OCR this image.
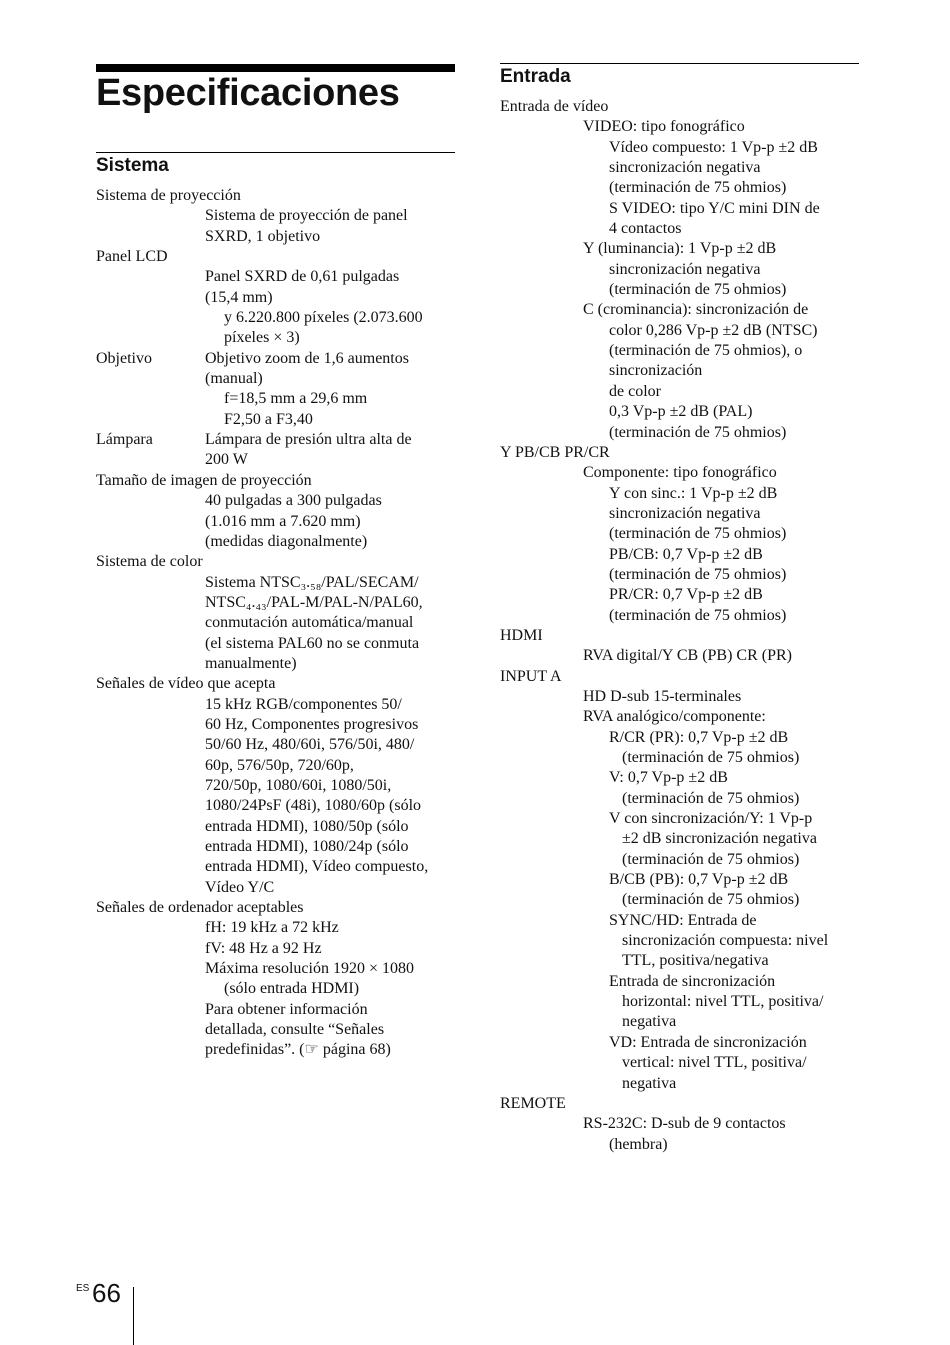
Especificaciones
Sistema
Sistema de proyección
Sistema de proyección de panel
SXRD, 1 objetivo
Panel LCD
Panel SXRD de 0,61 pulgadas
(15,4 mm)
y 6.220.800 píxeles (2.073.600
píxeles × 3)
Objetivo	Objetivo zoom de 1,6 aumentos
(manual)
f=18,5 mm a 29,6 mm
F2,50 a F3,40
Lámpara	Lámpara de presión ultra alta de
200 W
Tamaño de imagen de proyección
40 pulgadas a 300 pulgadas
(1.016 mm a 7.620 mm)
(medidas diagonalmente)
Sistema de color
Sistema NTSC₃.₅₈/PAL/SECAM/
NTSC₄.₄₃/PAL-M/PAL-N/PAL60,
conmutación automática/manual
(el sistema PAL60 no se conmuta
manualmente)
Señales de vídeo que acepta
15 kHz RGB/componentes 50/
60 Hz, Componentes progresivos
50/60 Hz, 480/60i, 576/50i, 480/
60p, 576/50p, 720/60p,
720/50p, 1080/60i, 1080/50i,
1080/24PsF (48i), 1080/60p (sólo
entrada HDMI), 1080/50p (sólo
entrada HDMI), 1080/24p (sólo
entrada HDMI), Vídeo compuesto,
Vídeo Y/C
Señales de ordenador aceptables
fH: 19 kHz a 72 kHz
fV: 48 Hz a 92 Hz
Máxima resolución 1920 × 1080
(sólo entrada HDMI)
Para obtener información
detallada, consulte “Señales
predefinidas”. (☞ página 68)
Entrada
Entrada de vídeo
VIDEO: tipo fonográfico
Vídeo compuesto: 1 Vp-p ±2 dB
sincronización negativa
(terminación de 75 ohmios)
S VIDEO: tipo Y/C mini DIN de
4 contactos
Y (luminancia): 1 Vp-p ±2 dB
sincronización negativa
(terminación de 75 ohmios)
C (crominancia): sincronización de
color 0,286 Vp-p ±2 dB (NTSC)
(terminación de 75 ohmios), o
sincronización
de color
0,3 Vp-p ±2 dB (PAL)
(terminación de 75 ohmios)
Y PB/CB PR/CR
Componente: tipo fonográfico
Y con sinc.: 1 Vp-p ±2 dB
sincronización negativa
(terminación de 75 ohmios)
PB/CB: 0,7 Vp-p ±2 dB
(terminación de 75 ohmios)
PR/CR: 0,7 Vp-p ±2 dB
(terminación de 75 ohmios)
HDMI
RVA digital/Y CB (PB) CR (PR)
INPUT A
HD D-sub 15-terminales
RVA analógico/componente:
R/CR (PR): 0,7 Vp-p ±2 dB
(terminación de 75 ohmios)
V: 0,7 Vp-p ±2 dB
(terminación de 75 ohmios)
V con sincronización/Y: 1 Vp-p
±2 dB sincronización negativa
(terminación de 75 ohmios)
B/CB (PB): 0,7 Vp-p ±2 dB
(terminación de 75 ohmios)
SYNC/HD: Entrada de
sincronización compuesta: nivel
TTL, positiva/negativa
Entrada de sincronización
horizontal: nivel TTL, positiva/
negativa
VD: Entrada de sincronización
vertical: nivel TTL, positiva/
negativa
REMOTE
RS-232C: D-sub de 9 contactos
(hembra)
ES 66
